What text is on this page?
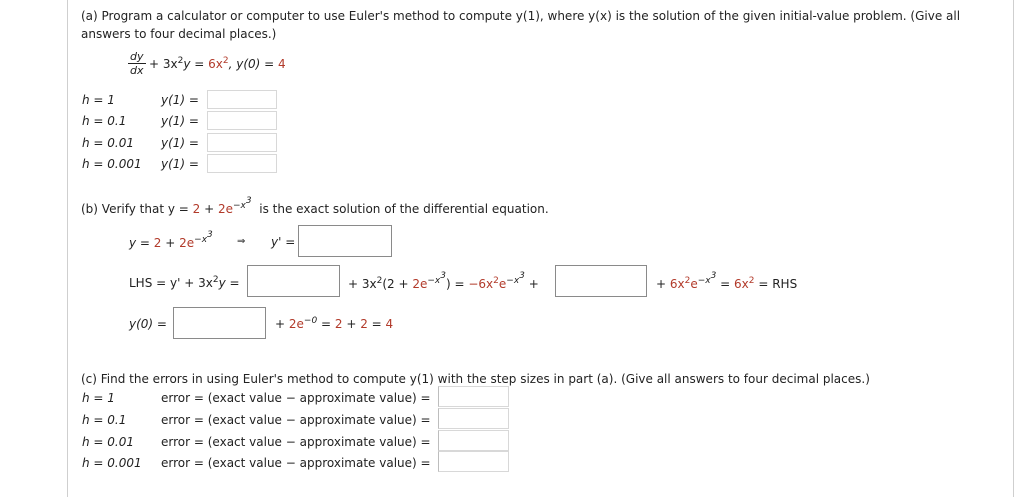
(a) Program a calculator or computer to use Euler's method to compute y(1), where y(x) is the solution of the given initial-value problem. (Give all
answers to four decimal places.)
$\frac{dy}{dx} + 3x^2y = 6x^2$, y(0) = 4
h = 1	y(1) =
h = 0.1	y(1) =
h = 0.01 y(1) =
h = 0.001 y(1) =
(b) Verify that $y = 2 + 2e^{-x^3}$  is the exact solution of the differential equation.
$y = 2 + 2e^{-x^3}$
⇒ y' =
LHS = $y' + 3x^2y$ =	+ $3x^2(2 + 2e^{-x^3}) = -6x^2e^{-x^3}$ +	+ $6x^2e^{-x^3} = 6x^2$ = RHS
y(0) =	+ $2e^{-0} = 2 + 2 = 4$
(c) Find the errors in using Euler's method to compute y(1) with the step sizes in part (a). (Give all answers to four decimal places.)
h = 1	error = (exact value − approximate value) =
h = 0.1	error = (exact value − approximate value) =
h = 0.01 error = (exact value − approximate value) =
h = 0.001 error = (exact value − approximate value) =
